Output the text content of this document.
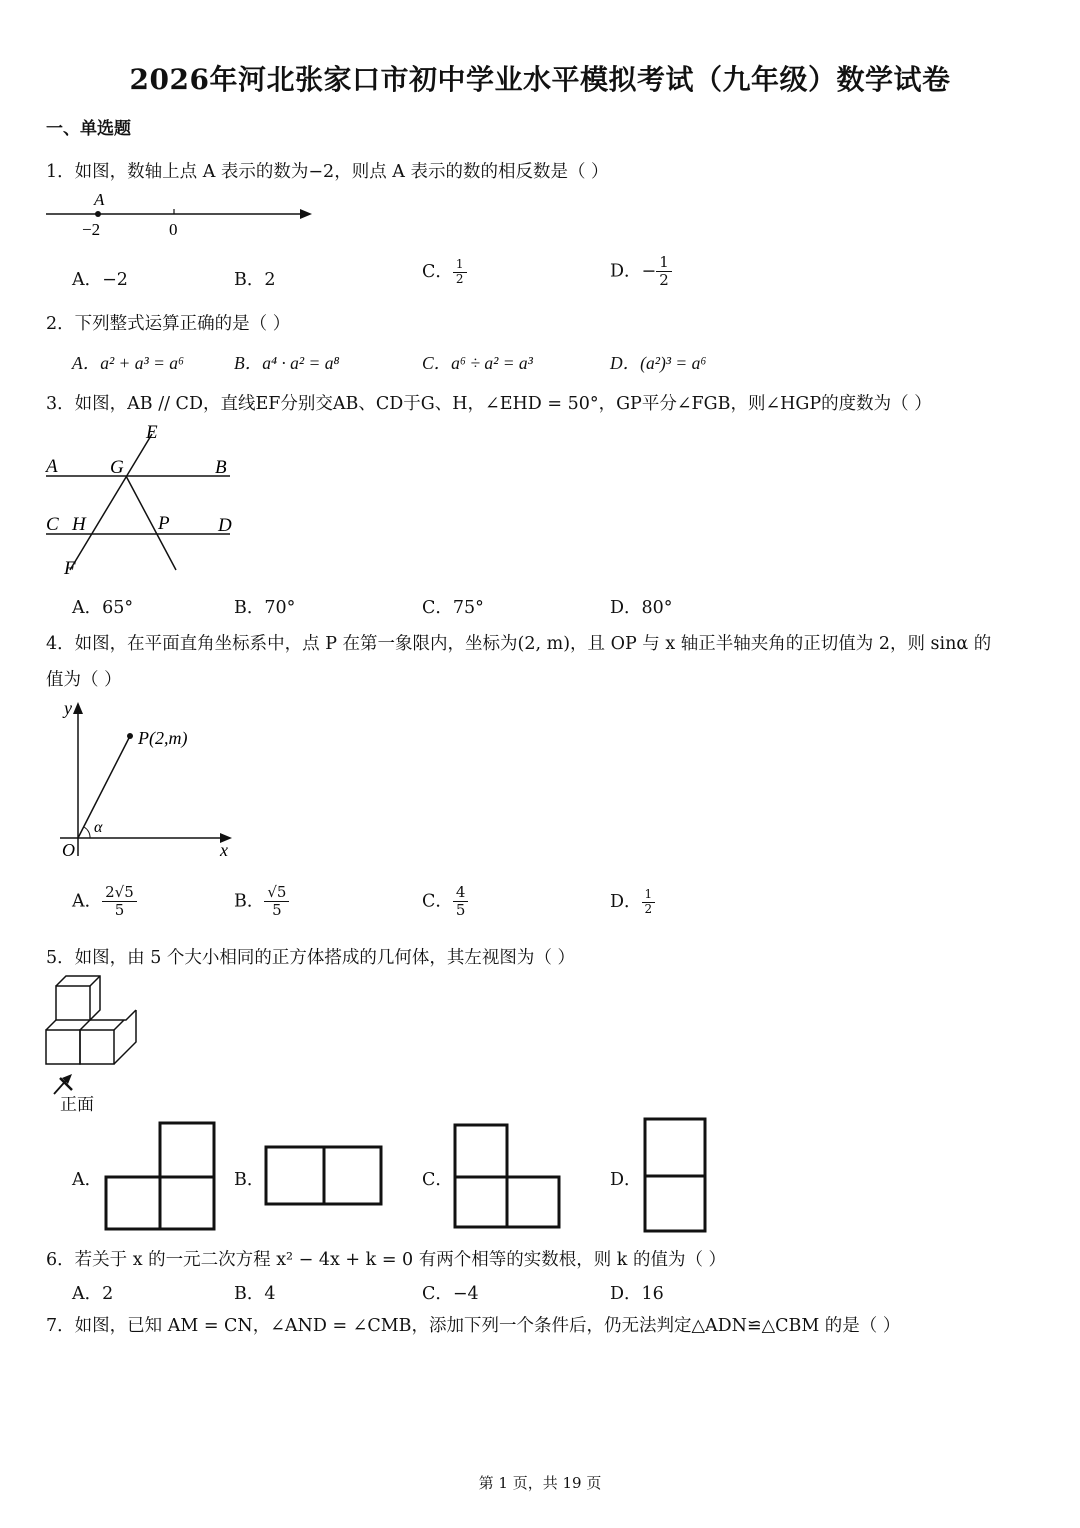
2026年河北张家口市初中学业水平模拟考试（九年级）数学试卷
一、单选题
1．如图，数轴上点 A 表示的数为−2，则点 A 表示的数的相反数是（ ）
A
−2	0
A．−2	B．2	C． $\frac{1}{2}$	D．− $\frac{1}{2}$
2．下列整式运算正确的是（ ）
A．a² + a³ = a⁶	B．a⁴ · a² = a⁸	C．a⁶ ÷ a² = a³	D．(a²)³ = a⁶
3．如图，AB // CD，直线EF分别交AB、CD于G、H，∠EHD = 50°，GP平分∠FGB，则∠HGP的度数为（ ）
E
A	G	B
C H	P	D
F
A．65°	B．70°	C．75°	D．80°
4．如图，在平面直角坐标系中，点 P 在第一象限内，坐标为(2, m)，且 OP 与 x 轴正半轴夹角的正切值为 2，则 sinα 的
值为（ ）
y
x
O
α
P(2,m)
A． $\frac{2√5}{5}$	B． $\frac{√5}{5}$	C． $\frac{4}{5}$	D． $\frac{1}{2}$
5．如图，由 5 个大小相同的正方体搭成的几何体，其左视图为（ ）
正面
A．	B．	C．	D．
6．若关于 x 的一元二次方程 x² − 4x + k = 0 有两个相等的实数根，则 k 的值为（ ）
A．2	B．4	C．−4	D．16
7．如图，已知 AM = CN，∠AND = ∠CMB，添加下列一个条件后，仍无法判定△ADN≌△CBM 的是（ ）
第 1 页，共 19 页
